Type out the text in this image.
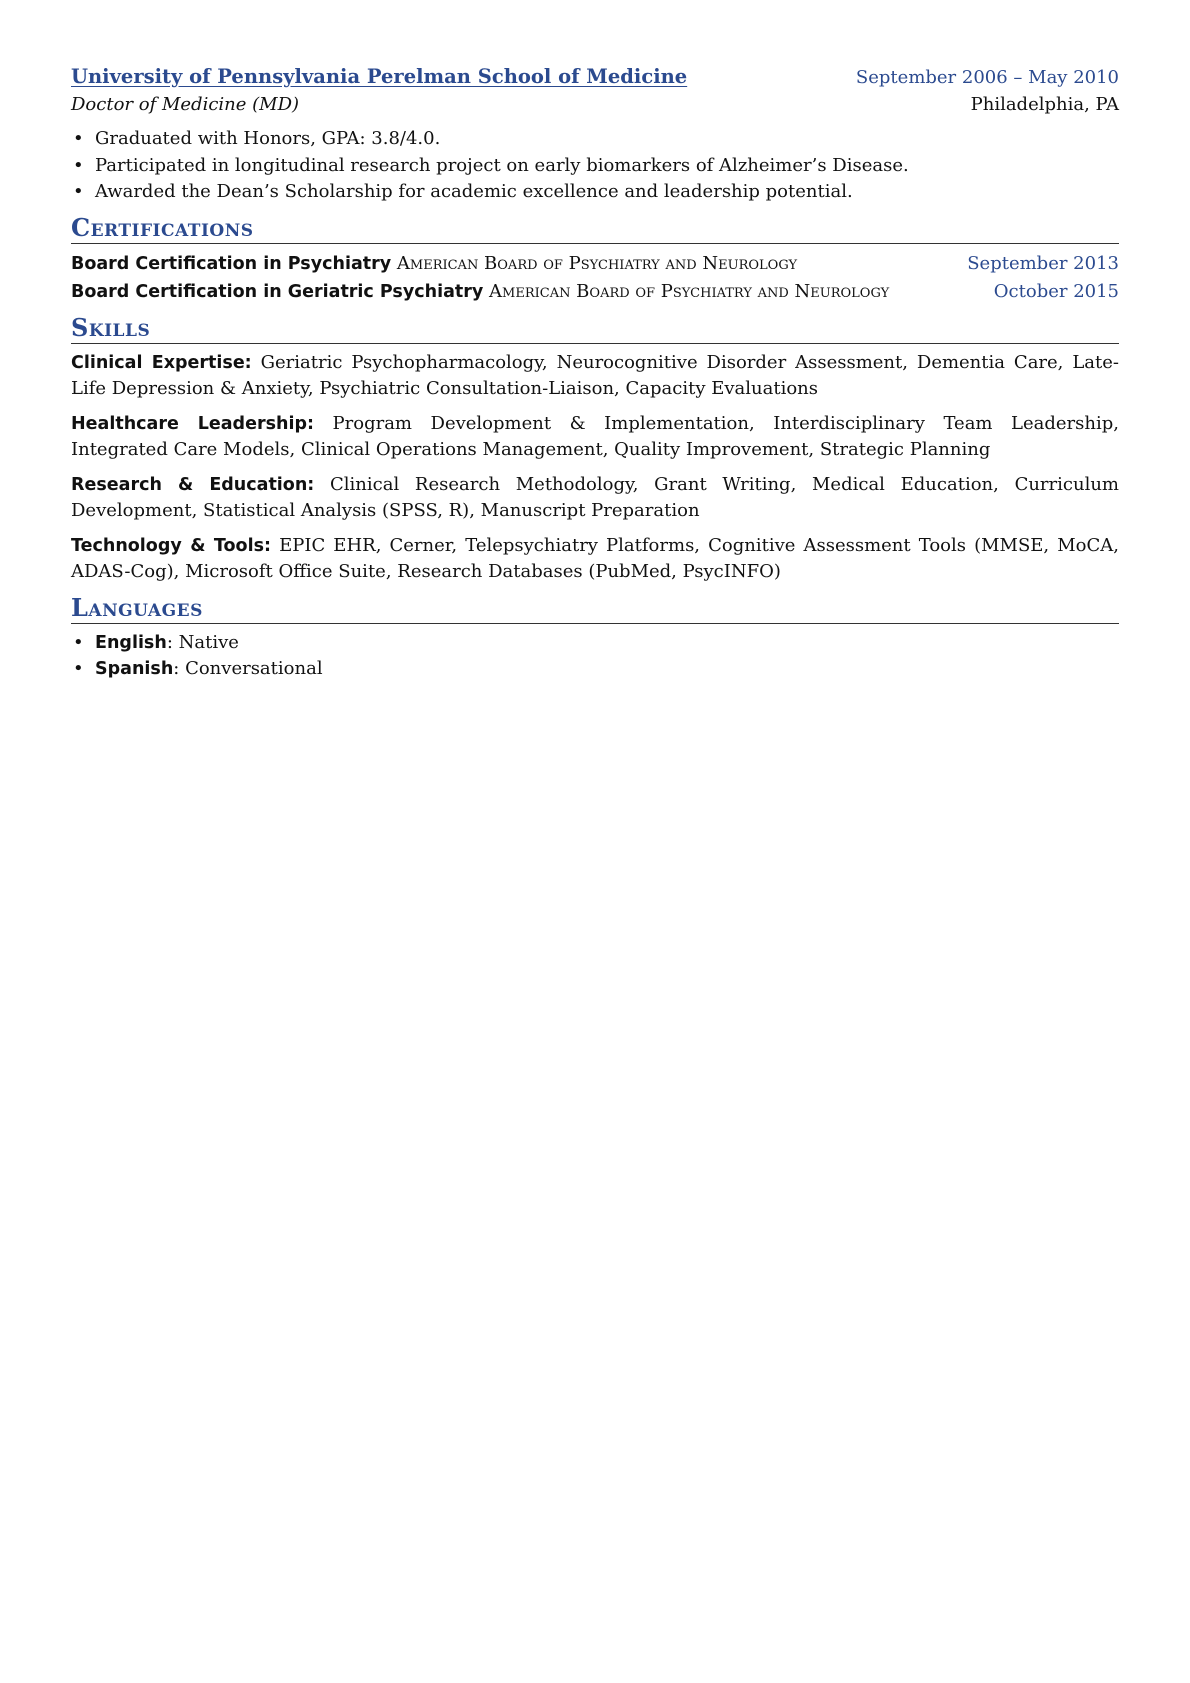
University of Pennsylvania Perelman School of Medicine	September 2006 – May 2010
Doctor of Medicine (MD)	Philadelphia, PA
• Graduated with Honors, GPA: 3.8/4.0.
• Participated in longitudinal research project on early biomarkers of Alzheimer’s Disease.
• Awarded the Dean’s Scholarship for academic excellence and leadership potential.
Certifications
Board Certification in Psychiatry American Board of Psychiatry and Neurology	September 2013
Board Certification in Geriatric Psychiatry American Board of Psychiatry and Neurology	October 2015
Skills
Clinical Expertise: Geriatric Psychopharmacology, Neurocognitive Disorder Assessment, Dementia Care, Late-Life Depression & Anxiety, Psychiatric Consultation-Liaison, Capacity Evaluations
Healthcare Leadership: Program Development & Implementation, Interdisciplinary Team Leadership, Integrated Care Models, Clinical Operations Management, Quality Improvement, Strategic Planning
Research & Education: Clinical Research Methodology, Grant Writing, Medical Education, Curriculum Development, Statistical Analysis (SPSS, R), Manuscript Preparation
Technology & Tools: EPIC EHR, Cerner, Telepsychiatry Platforms, Cognitive Assessment Tools (MMSE, MoCA, ADAS-Cog), Microsoft Office Suite, Research Databases (PubMed, PsycINFO)
Languages
• English: Native
• Spanish: Conversational
